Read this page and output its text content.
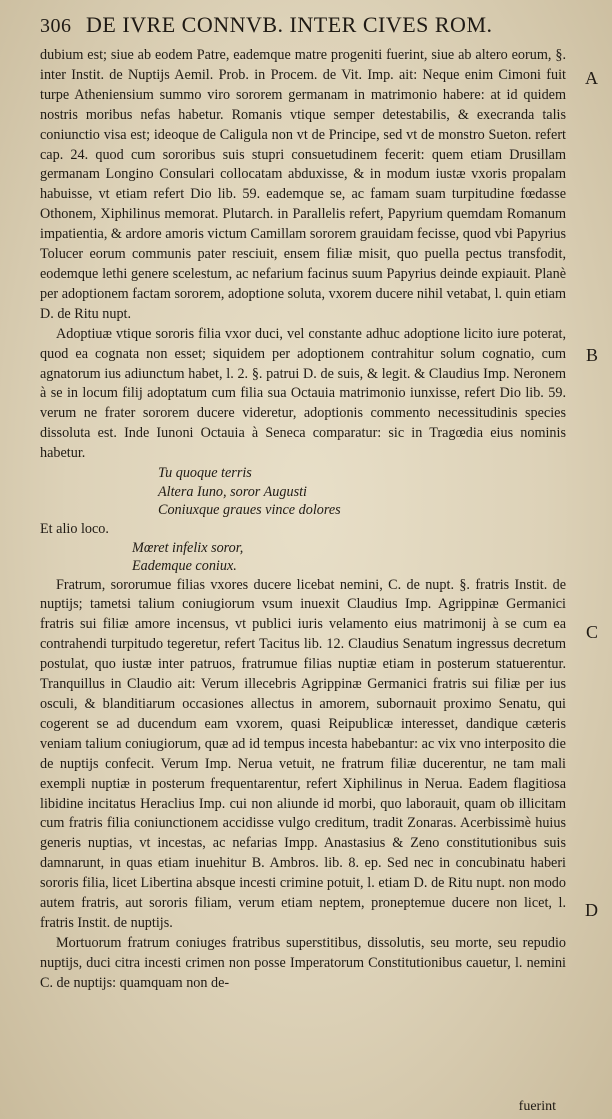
306 DE IVRE CONNVB. INTER CIVES ROM.

dubium est; siue ab eodem Patre, eademque matre progeniti fuerint, siue ab altero eorum, §. inter Instit. de Nuptijs Aemil. Prob. in Procem. de Vit. Imp. ait: Neque enim Cimoni fuit turpe Atheniensium summo viro sororem germanam in matrimonio habere: at id quidem nostris moribus nefas habetur. Romanis vtique semper detestabilis, & execranda talis coniunctio visa est; ideoque de Caligula non vt de Principe, sed vt de monstro Sueton. refert cap. 24. quod cum sororibus suis stupri consuetudinem fecerit: quem etiam Drusillam germanam Longino Consulari collocatam abduxisse, & in modum iustæ vxoris propalam habuisse, vt etiam refert Dio lib. 59. eademque se, ac famam suam turpitudine fœdasse Othonem, Xiphilinus memorat. Plutarch. in Parallelis refert, Papyrium quemdam Romanum impatientia, & ardore amoris victum Camillam sororem grauidam fecisse, quod vbi Papyrius Tolucer eorum communis pater resciuit, ensem filiæ misit, quo puella pectus transfodit, eodemque lethi genere scelestum, ac nefarium facinus suum Papyrius deinde expiauit. Planè per adoptionem factam sororem, adoptione soluta, vxorem ducere nihil vetabat, l. quin etiam D. de Ritu nupt.

Adoptiuæ vtique sororis filia vxor duci, vel constante adhuc adoptione licito iure poterat, quod ea cognata non esset; siquidem per adoptionem contrahitur solum cognatio, cum agnatorum ius adiunctum habet, l. 2. §. patrui D. de suis, & legit. & Claudius Imp. Neronem à se in locum filij adoptatum cum filia sua Octauia matrimonio iunxisse, refert Dio lib. 59. verum ne frater sororem ducere videretur, adoptionis commento necessitudinis species dissoluta est. Inde Iunoni Octauia à Seneca comparatur: sic in Tragœdia eius nominis habetur.

Tu quoque terris

Altera Iuno, soror Augusti

Coniuxque graues vince dolores

Et alio loco.

Mœret infelix soror,

Eademque coniux.

Fratrum, sororumue filias vxores ducere licebat nemini, C. de nupt. §. fratris Instit. de nuptijs; tametsi talium coniugiorum vsum inuexit Claudius Imp. Agrippinæ Germanici fratris sui filiæ amore incensus, vt publici iuris velamento eius matrimonij à se cum ea contrahendi turpitudo tegeretur, refert Tacitus lib. 12. Claudius Senatum ingressus decretum postulat, quo iustæ inter patruos, fratrumue filias nuptiæ etiam in posterum statuerentur. Tranquillus in Claudio ait: Verum illecebris Agrippinæ Germanici fratris sui filiæ per ius osculi, & blanditiarum occasiones allectus in amorem, subornauit proximo Senatu, qui cogerent se ad ducendum eam vxorem, quasi Reipublicæ interesset, dandique cæteris veniam talium coniugiorum, quæ ad id tempus incesta habebantur: ac vix vno interposito die de nuptijs confecit. Verum Imp. Nerua vetuit, ne fratrum filiæ ducerentur, ne tam mali exempli nuptiæ in posterum frequentarentur, refert Xiphilinus in Nerua. Eadem flagitiosa libidine incitatus Heraclius Imp. cui non aliunde id morbi, quo laborauit, quam ob illicitam cum fratris filia coniunctionem accidisse vulgo creditum, tradit Zonaras. Acerbissimè huius generis nuptias, vt incestas, ac nefarias Impp. Anastasius & Zeno constitutionibus suis damnarunt, in quas etiam inuehitur B. Ambros. lib. 8. ep. Sed nec in concubinatu haberi sororis filia, licet Libertina absque incesti crimine potuit, l. etiam D. de Ritu nupt. non modo autem fratris, aut sororis filiam, verum etiam neptem, proneptemue ducere non licet, l. fratris Instit. de nuptijs.

Mortuorum fratrum coniuges fratribus superstitibus, dissolutis, seu morte, seu repudio nuptijs, duci citra incesti crimen non posse Imperatorum Constitutionibus cauetur, l. nemini C. de nuptijs: quamquam non de-

A
B
C
D
fuerint
